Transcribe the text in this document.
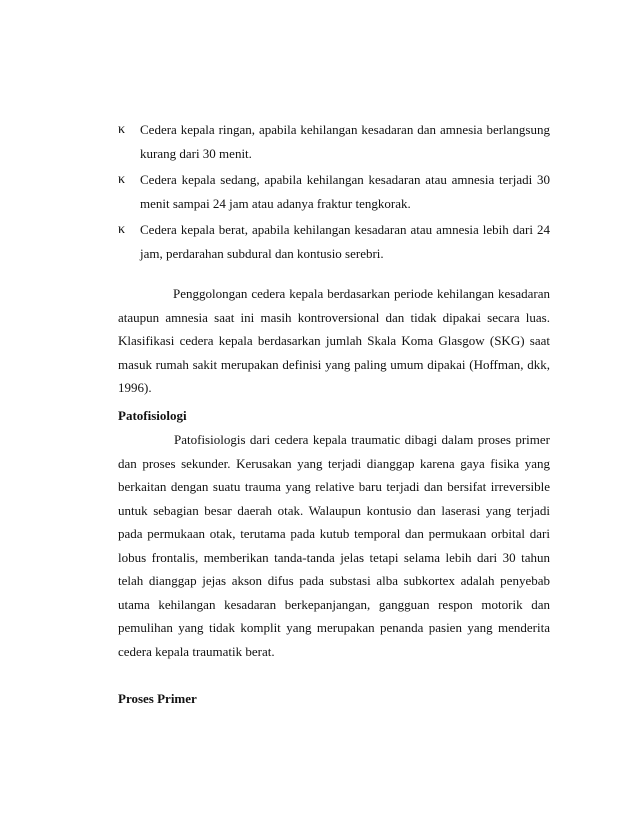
κ Cedera kepala ringan, apabila kehilangan kesadaran dan amnesia berlangsung kurang dari 30 menit.
κ Cedera kepala sedang, apabila kehilangan kesadaran atau amnesia terjadi 30 menit sampai 24 jam atau adanya fraktur tengkorak.
κ Cedera kepala berat, apabila kehilangan kesadaran atau amnesia lebih dari 24 jam, perdarahan subdural dan kontusio serebri.
Penggolongan cedera kepala berdasarkan periode kehilangan kesadaran ataupun amnesia saat ini masih kontroversional dan tidak dipakai secara luas. Klasifikasi cedera kepala berdasarkan jumlah Skala Koma Glasgow (SKG) saat masuk rumah sakit merupakan definisi yang paling umum dipakai (Hoffman, dkk, 1996).
Patofisiologi
Patofisiologis dari cedera kepala traumatic dibagi dalam proses primer dan proses sekunder. Kerusakan yang terjadi dianggap karena gaya fisika yang berkaitan dengan suatu trauma yang relative baru terjadi dan bersifat irreversible untuk sebagian besar daerah otak. Walaupun kontusio dan laserasi yang terjadi pada permukaan otak, terutama pada kutub temporal dan permukaan orbital dari lobus frontalis, memberikan tanda-tanda jelas tetapi selama lebih dari 30 tahun telah dianggap jejas akson difus pada substasi alba subkortex adalah penyebab utama kehilangan kesadaran berkepanjangan, gangguan respon motorik dan pemulihan yang tidak komplit yang merupakan penanda pasien yang menderita cedera kepala traumatik berat.
Proses Primer
